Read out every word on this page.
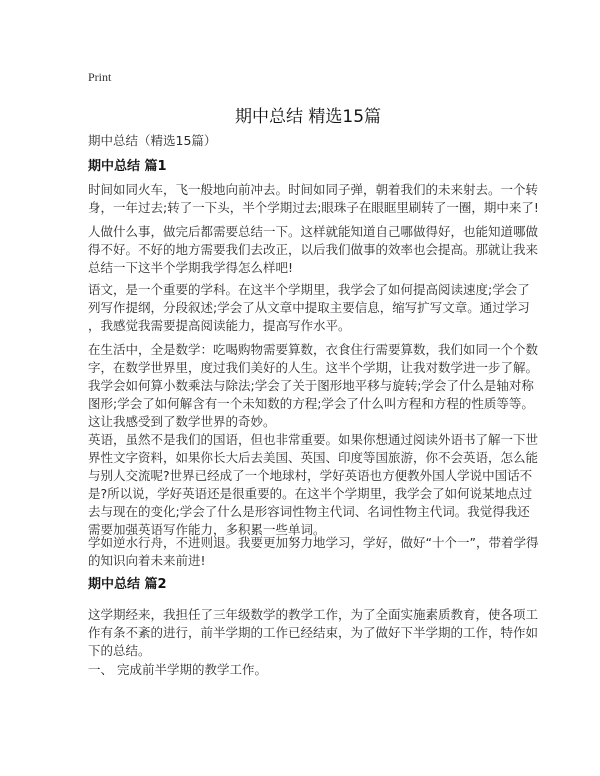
Print
期中总结 精选15篇
期中总结（精选15篇）
期中总结 篇1
时间如同火车，飞一般地向前冲去。时间如同子弹，朝着我们的未来射去。一个转
身，一年过去;转了一下头，半个学期过去;眼珠子在眼眶里刷转了一圈，期中来了!
人做什么事，做完后都需要总结一下。这样就能知道自己哪做得好，也能知道哪做
得不好。不好的地方需要我们去改正，以后我们做事的效率也会提高。那就让我来
总结一下这半个学期我学得怎么样吧!
语文，是一个重要的学科。在这半个学期里，我学会了如何提高阅读速度;学会了
列写作提纲，分段叙述;学会了从文章中提取主要信息，缩写扩写文章。通过学习
，我感觉我需要提高阅读能力，提高写作水平。
在生活中，全是数学：吃喝购物需要算数，衣食住行需要算数，我们如同一个个数
字，在数学世界里，度过我们美好的人生。这半个学期，让我对数学进一步了解。
我学会如何算小数乘法与除法;学会了关于图形地平移与旋转;学会了什么是轴对称
图形;学会了如何解含有一个未知数的方程;学会了什么叫方程和方程的性质等等。
这让我感受到了数学世界的奇妙。
英语，虽然不是我们的国语，但也非常重要。如果你想通过阅读外语书了解一下世
界性文字资料，如果你长大后去美国、英国、印度等国旅游，你不会英语，怎么能
与别人交流呢?世界已经成了一个地球村，学好英语也方便教外国人学说中国话不
是?所以说，学好英语还是很重要的。在这半个学期里，我学会了如何说某地点过
去与现在的变化;学会了什么是形容词性物主代词、名词性物主代词。我觉得我还
需要加强英语写作能力，多积累一些单词。
学如逆水行舟，不进则退。我要更加努力地学习，学好，做好“十个一”，带着学得
的知识向着未来前进!
期中总结 篇2
这学期经来，我担任了三年级数学的教学工作，为了全面实施素质教育，使各项工
作有条不紊的进行，前半学期的工作已经结束，为了做好下半学期的工作，特作如
下的总结。
一、 完成前半学期的教学工作。
